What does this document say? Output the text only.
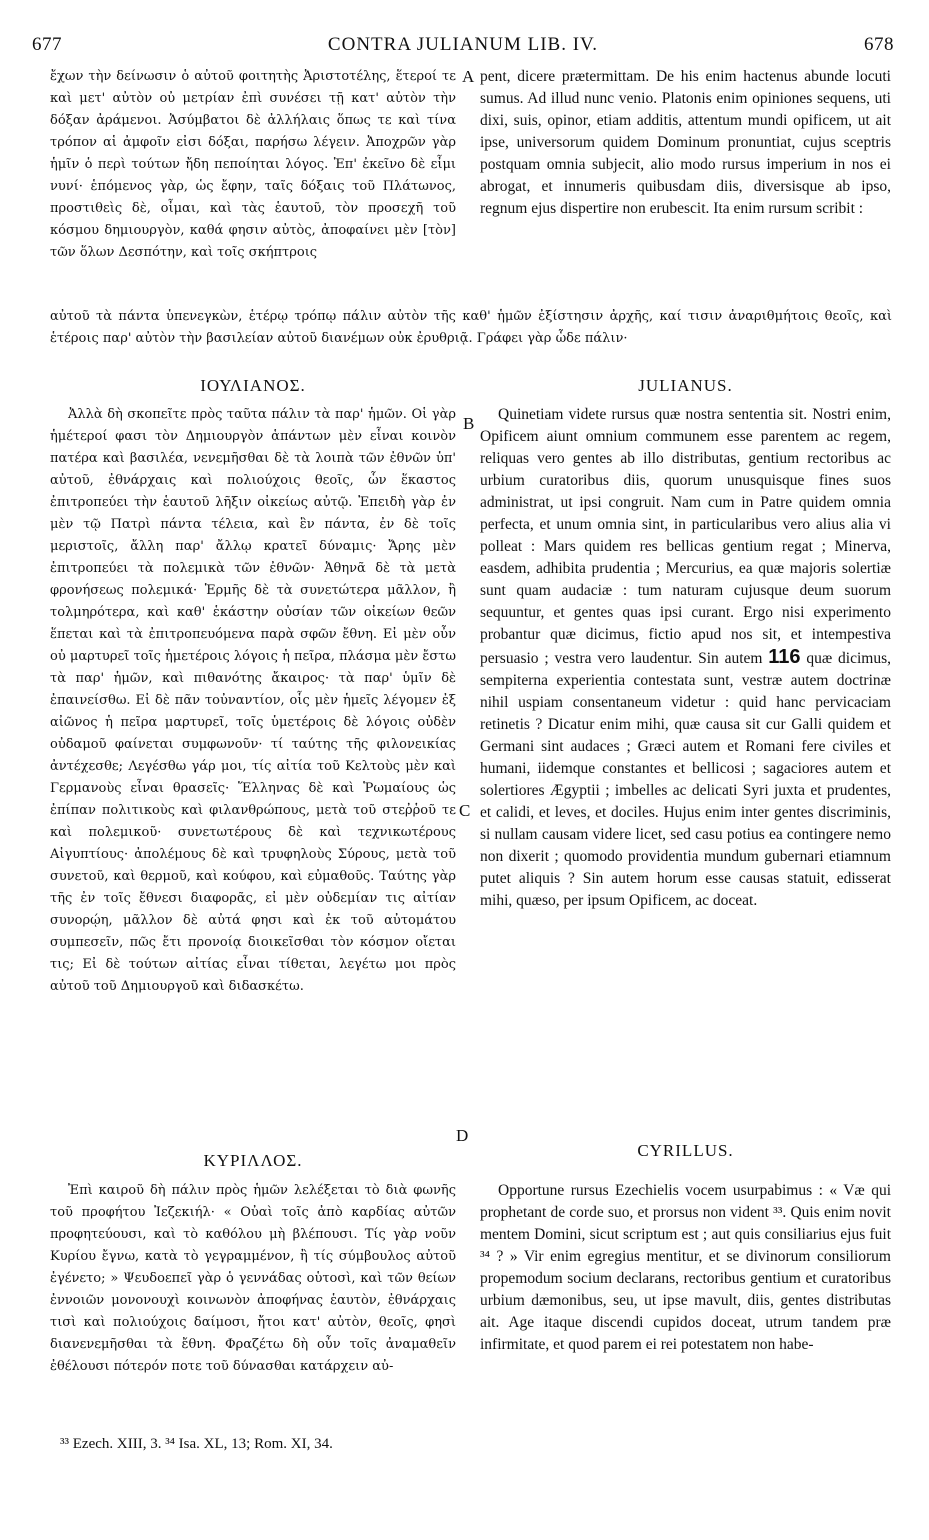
677	CONTRA JULIANUM LIB. IV.	678

ἔχων τὴν δείνωσιν ὁ αὐτοῦ φοιτητὴς Ἀριστοτέλης, ἕτεροί τε καὶ μετ' αὐτὸν οὐ μετρίαν ἐπὶ συνέσει τῇ κατ' αὐτὸν τὴν δόξαν ἀράμενοι. Ἀσύμβατοι δὲ ἀλλήλαις ὅπως τε καὶ τίνα τρόπον αἱ ἀμφοῖν εἰσι δόξαι, παρήσω λέγειν. Ἀποχρῶν γὰρ ἡμῖν ὁ περὶ τούτων ἤδη πεποίηται λόγος. Ἐπ' ἐκεῖνο δὲ εἶμι νυνί· ἑπόμενος γὰρ, ὡς ἔφην, ταῖς δόξαις τοῦ Πλάτωνος, προστιθεὶς δὲ, οἶμαι, καὶ τὰς ἑαυτοῦ, τὸν προσεχῆ τοῦ κόσμου δημιουργὸν, καθά φησιν αὐτὸς, ἀποφαίνει μὲν [τὸν] τῶν ὅλων Δεσπότην, καὶ τοῖς σκήπτροις

A pent, dicere prætermittam. De his enim hactenus abunde locuti sumus. Ad illud nunc venio. Platonis enim opiniones sequens, uti dixi, suis, opinor, etiam additis, attentum mundi opificem, ut ait ipse, universorum quidem Dominum pronuntiat, cujus sceptris postquam omnia subjecit, alio modo rursus imperium in nos ei abrogat, et innumeris quibusdam diis, diversisque ab ipso, regnum ejus dispertire non erubescit. Ita enim rursum scribit :

αὐτοῦ τὰ πάντα ὑπενεγκὼν, ἑτέρῳ τρόπῳ πάλιν αὐτὸν τῆς καθ' ἡμῶν ἐξίστησιν ἀρχῆς, καί τισιν ἀναριθμήτοις θεοῖς, καὶ ἑτέροις παρ' αὐτὸν τὴν βασιλείαν αὐτοῦ διανέμων οὐκ ἐρυθριᾷ. Γράφει γὰρ ὧδε πάλιν·

ΙΟΥΛΙΑΝΟΣ.	JULIANUS.

Ἀλλὰ δὴ σκοπεῖτε πρὸς ταῦτα πάλιν τὰ παρ' ἡμῶν. Οἱ γὰρ ἡμέτεροί φασι τὸν Δημιουργὸν ἁπάντων μὲν εἶναι κοινὸν πατέρα καὶ βασιλέα, νενεμῆσθαι δὲ τὰ λοιπὰ τῶν ἐθνῶν ὑπ' αὐτοῦ, ἐθνάρχαις καὶ πολιούχοις θεοῖς, ὧν ἕκαστος ἐπιτροπεύει τὴν ἑαυτοῦ λῆξιν οἰκείως αὐτῷ. Ἐπειδὴ γὰρ ἐν μὲν τῷ Πατρὶ πάντα τέλεια, καὶ ἓν πάντα, ἐν δὲ τοῖς μεριστοῖς, ἄλλη παρ' ἄλλῳ κρατεῖ δύναμις· Ἄρης μὲν ἐπιτροπεύει τὰ πολεμικὰ τῶν ἐθνῶν· Ἀθηνᾶ δὲ τὰ μετὰ φρονήσεως πολεμικά· Ἑρμῆς δὲ τὰ συνετώτερα μᾶλλον, ἢ τολμηρότερα, καὶ καθ' ἑκάστην οὐσίαν τῶν οἰκείων θεῶν ἕπεται καὶ τὰ ἐπιτροπευόμενα παρὰ σφῶν ἔθνη. Εἰ μὲν οὖν οὐ μαρτυρεῖ τοῖς ἡμετέροις λόγοις ἡ πεῖρα, πλάσμα μὲν ἔστω τὰ παρ' ἡμῶν, καὶ πιθανότης ἄκαιρος· τὰ παρ' ὑμῖν δὲ ἐπαινείσθω. Εἰ δὲ πᾶν τοὐναντίον, οἷς μὲν ἡμεῖς λέγομεν ἐξ αἰῶνος ἡ πεῖρα μαρτυρεῖ, τοῖς ὑμετέροις δὲ λόγοις οὐδὲν οὐδαμοῦ φαίνεται συμφωνοῦν· τί ταύτης τῆς φιλονεικίας ἀντέχεσθε; Λεγέσθω γάρ μοι, τίς αἰτία τοῦ Κελτοὺς μὲν καὶ Γερμανοὺς εἶναι θρασεῖς· Ἕλληνας δὲ καὶ Ῥωμαίους ὡς ἐπίπαν πολιτικοὺς καὶ φιλανθρώπους, μετὰ τοῦ στεῤῥοῦ τε καὶ πολεμικοῦ· συνετωτέρους δὲ καὶ τεχνικωτέρους Αἰγυπτίους· ἀπολέμους δὲ καὶ τρυφηλοὺς Σύρους, μετὰ τοῦ συνετοῦ, καὶ θερμοῦ, καὶ κούφου, καὶ εὐμαθοῦς. Ταύτης γὰρ τῆς ἐν τοῖς ἔθνεσι διαφορᾶς, εἰ μὲν οὐδεμίαν τις αἰτίαν συνορῴη, μᾶλλον δὲ αὐτά φησι καὶ ἐκ τοῦ αὐτομάτου συμπεσεῖν, πῶς ἔτι προνοίᾳ διοικεῖσθαι τὸν κόσμον οἴεται τις; Εἰ δὲ τούτων αἰτίας εἶναι τίθεται, λεγέτω μοι πρὸς αὐτοῦ τοῦ Δημιουργοῦ καὶ διδασκέτω.

B
C

Quinetiam videte rursus quæ nostra sententia sit. Nostri enim, Opificem aiunt omnium communem esse parentem ac regem, reliquas vero gentes ab illo distributas, gentium rectoribus ac urbium curatoribus diis, quorum unusquisque fines suos administrat, ut ipsi congruit. Nam cum in Patre quidem omnia perfecta, et unum omnia sint, in particularibus vero alius alia vi polleat : Mars quidem res bellicas gentium regat ; Minerva, easdem, adhibita prudentia ; Mercurius, ea quæ majoris solertiæ sunt quam audaciæ : tum naturam cujusque deum suorum sequuntur, et gentes quas ipsi curant. Ergo nisi experimento probantur quæ dicimus, fictio apud nos sit, et intempestiva persuasio ; vestra vero laudentur. Sin autem 116 quæ dicimus, sempiterna experientia contestata sunt, vestræ autem doctrinæ nihil uspiam consentaneum videtur : quid hanc pervicaciam retinetis ? Dicatur enim mihi, quæ causa sit cur Galli quidem et Germani sint audaces ; Græci autem et Romani fere civiles et humani, iidemque constantes et bellicosi ; sagaciores autem et solertiores Ægyptii ; imbelles ac delicati Syri juxta et prudentes, et calidi, et leves, et dociles. Hujus enim inter gentes discriminis, si nullam causam videre licet, sed casu potius ea contingere nemo non dixerit ; quomodo providentia mundum gubernari etiamnum putet aliquis ? Sin autem horum esse causas statuit, edisserat mihi, quæso, per ipsum Opificem, ac doceat.

D
ΚΥΡΙΛΛΟΣ.
CYRILLUS.

Ἐπὶ καιροῦ δὴ πάλιν πρὸς ἡμῶν λελέξεται τὸ διὰ φωνῆς τοῦ προφήτου Ἰεζεκιήλ· « Οὐαὶ τοῖς ἀπὸ καρδίας αὐτῶν προφητεύουσι, καὶ τὸ καθόλου μὴ βλέπουσι. Τίς γὰρ νοῦν Κυρίου ἔγνω, κατὰ τὸ γεγραμμένον, ἢ τίς σύμβουλος αὐτοῦ ἐγένετο; » Ψευδοεπεῖ γὰρ ὁ γεννάδας οὑτοσὶ, καὶ τῶν θείων ἐννοιῶν μονονουχὶ κοινωνὸν ἀποφήνας ἑαυτὸν, ἐθνάρχαις τισὶ καὶ πολιούχοις δαίμοσι, ἤτοι κατ' αὐτὸν, θεοῖς, φησὶ διανενεμῆσθαι τὰ ἔθνη. Φραζέτω δὴ οὖν τοῖς ἀναμαθεῖν ἐθέλουσι πότερόν ποτε τοῦ δύνασθαι κατάρχειν αὐ-

Opportune rursus Ezechielis vocem usurpabimus : « Væ qui prophetant de corde suo, et prorsus non vident ³³. Quis enim novit mentem Domini, sicut scriptum est ; aut quis consiliarius ejus fuit ³⁴ ? » Vir enim egregius mentitur, et se divinorum consiliorum propemodum socium declarans, rectoribus gentium et curatoribus urbium dæmonibus, seu, ut ipse mavult, diis, gentes distributas ait. Age itaque discendi cupidos doceat, utrum tandem præ infirmitate, et quod parem ei rei potestatem non habe-

³³ Ezech. XIII, 3. ³⁴ Isa. XL, 13; Rom. XI, 34.
